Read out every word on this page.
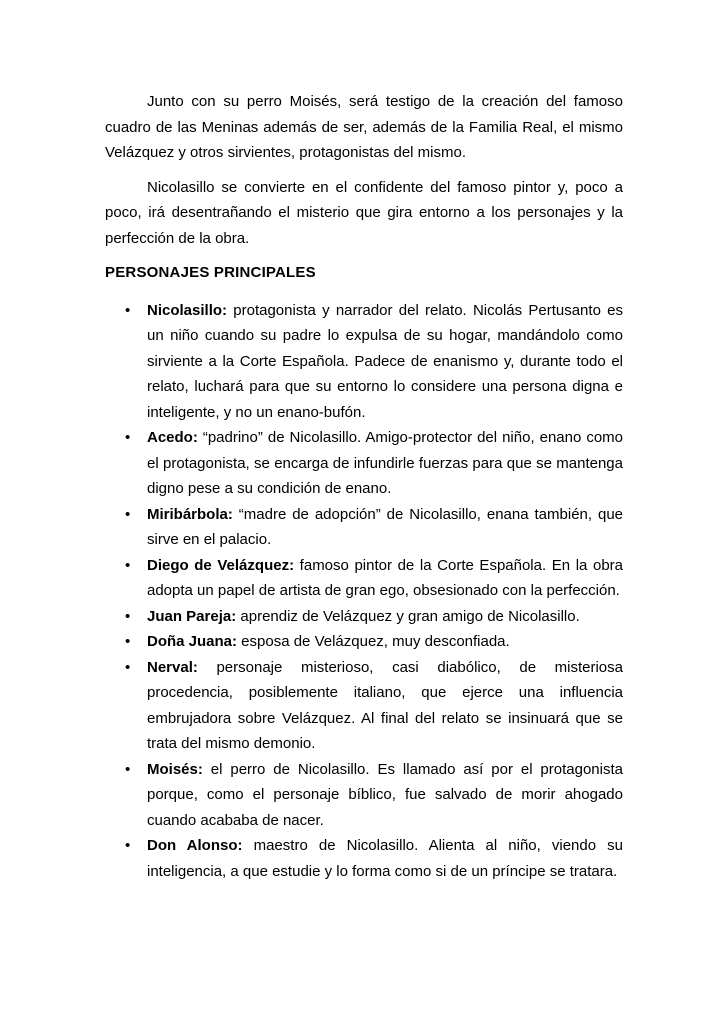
Junto con su perro Moisés, será testigo de la creación del famoso cuadro de las Meninas además de ser, además de la Familia Real, el mismo Velázquez y otros sirvientes, protagonistas del mismo.

Nicolasillo se convierte en el confidente del famoso pintor y, poco a poco, irá desentrañando el misterio que gira entorno a los personajes y la perfección de la obra.

PERSONAJES PRINCIPALES
• Nicolasillo: protagonista y narrador del relato. Nicolás Pertusanto es un niño cuando su padre lo expulsa de su hogar, mandándolo como sirviente a la Corte Española. Padece de enanismo y, durante todo el relato, luchará para que su entorno lo considere una persona digna e inteligente, y no un enano-bufón.
• Acedo: “padrino” de Nicolasillo. Amigo-protector del niño, enano como el protagonista, se encarga de infundirle fuerzas para que se mantenga digno pese a su condición de enano.
• Miribárbola: “madre de adopción” de Nicolasillo, enana también, que sirve en el palacio.
• Diego de Velázquez: famoso pintor de la Corte Española. En la obra adopta un papel de artista de gran ego, obsesionado con la perfección.
• Juan Pareja: aprendiz de Velázquez y gran amigo de Nicolasillo.
• Doña Juana: esposa de Velázquez, muy desconfiada.
• Nerval: personaje misterioso, casi diabólico, de misteriosa procedencia, posiblemente italiano, que ejerce una influencia embrujadora sobre Velázquez. Al final del relato se insinuará que se trata del mismo demonio.
• Moisés: el perro de Nicolasillo. Es llamado así por el protagonista porque, como el personaje bíblico, fue salvado de morir ahogado cuando acababa de nacer.
• Don Alonso: maestro de Nicolasillo. Alienta al niño, viendo su inteligencia, a que estudie y lo forma como si de un príncipe se tratara.
